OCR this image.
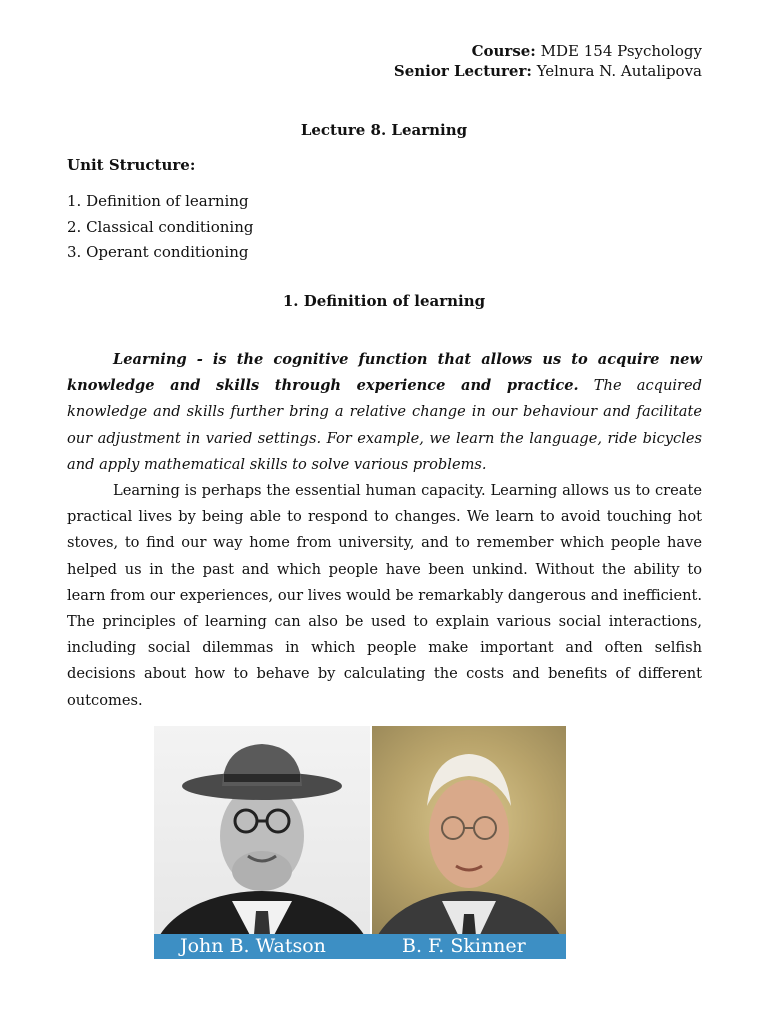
Course: MDE 154 Psychology
Senior Lecturer: Yelnura N. Autalipova
Lecture 8. Learning
Unit Structure:
1. Definition of learning
2. Classical conditioning
3. Operant conditioning
1. Definition of learning

Learning - is the cognitive function that allows us to acquire new knowledge and skills through experience and practice. The acquired knowledge and skills further bring a relative change in our behaviour and facilitate our adjustment in varied settings. For example, we learn the language, ride bicycles and apply mathematical skills to solve various problems.

Learning is perhaps the essential human capacity. Learning allows us to create practical lives by being able to respond to changes. We learn to avoid touching hot stoves, to find our way home from university, and to remember which people have helped us in the past and which people have been unkind. Without the ability to learn from our experiences, our lives would be remarkably dangerous and inefficient. The principles of learning can also be used to explain various social interactions, including social dilemmas in which people make important and often selfish decisions about how to behave by calculating the costs and benefits of different outcomes.

John B. Watson	B. F. Skinner
